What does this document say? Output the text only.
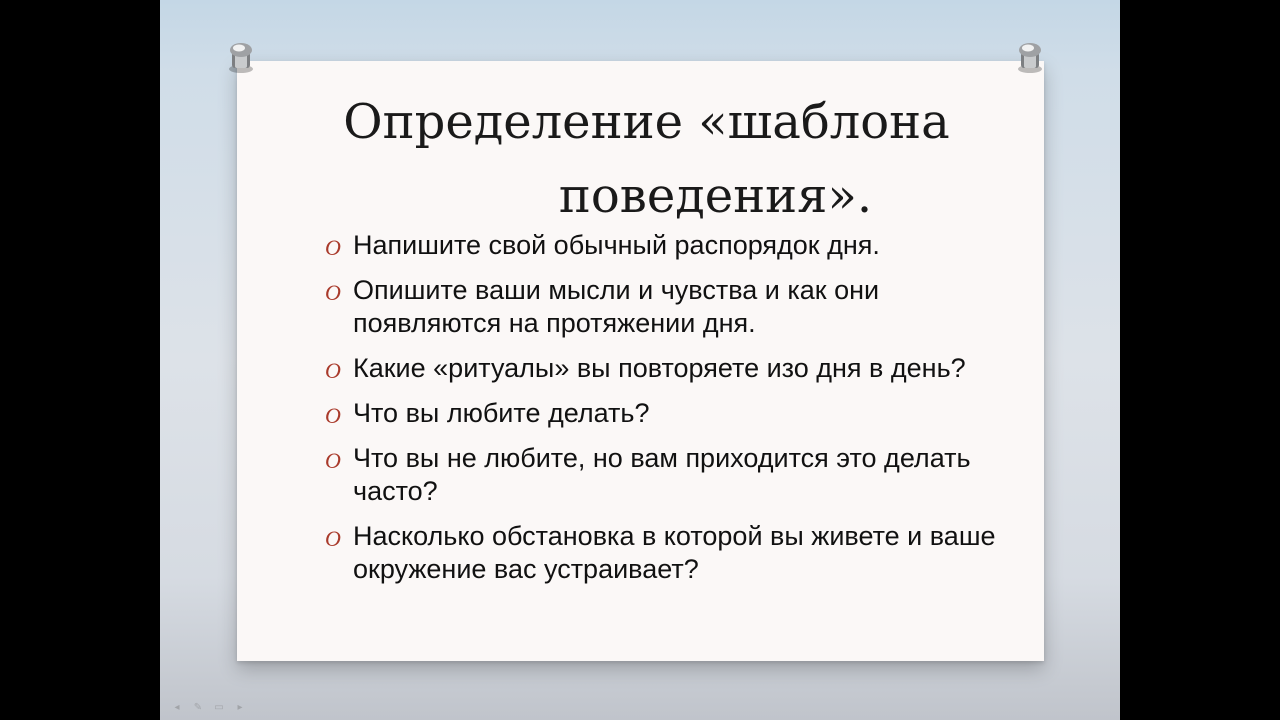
Определение «шаблона
поведения».
O Напишите свой обычный распорядок дня.
O Опишите ваши мысли и чувства и как они появляются на протяжении дня.
O Какие «ритуалы» вы повторяете изо дня в день?
O Что вы любите делать?
O Что вы не любите, но вам приходится это делать часто?
O Насколько обстановка в которой вы живете и ваше окружение вас устраивает?
◂	✎ ▭	▸
